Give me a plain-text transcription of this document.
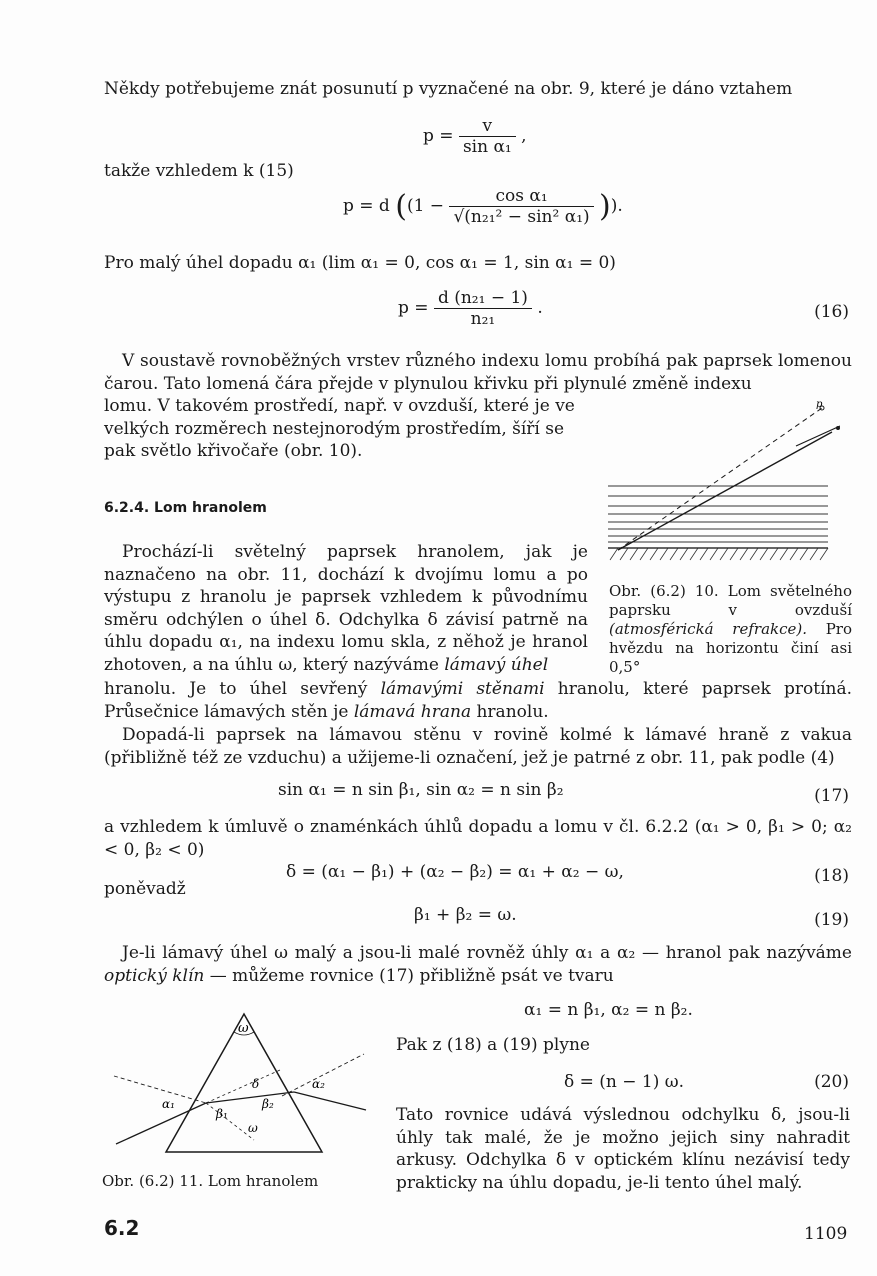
Někdy potřebujeme znát posunutí p vyznačené na obr. 9, které je dáno vztahem
$p = \frac{v}{\text{sin α₁}}$ ,
takže vzhledem k (15)
p = d (($1 - \frac{\text{cos α₁}}{\text{√(n₂₁² − sin² α₁)}}$ )).
Pro malý úhel dopadu α₁ (lim α₁ = 0, cos α₁ = 1, sin α₁ = 0)
$p = \frac{\text{d (n₂₁ − 1)}}{\text{n₂₁}}$ .	(16)
V soustavě rovnoběžných vrstev různého indexu lomu probíhá pak paprsek lomenou čarou. Tato lomená čára přejde v plynulou křivku při plynulé změně indexu
lomu. V takovém prostředí, např. v ovzduší, které je ve velkých rozměrech nestejnorodým prostředím, šíří se pak světlo křivočaře (obr. 10).
p
Obr. (6.2) 10. Lom světelného paprsku v ovzduší (atmosférická refrakce). Pro hvězdu na horizontu činí asi 0,5°
6.2.4. Lom hranolem
Prochází-li světelný paprsek hranolem, jak je naznačeno na obr. 11, dochází k dvojímu lomu a po výstupu z hranolu je paprsek vzhledem k původnímu směru odchýlen o úhel δ. Odchylka δ závisí patrně na úhlu dopadu α₁, na indexu lomu skla, z něhož je hranol zhotoven, a na úhlu ω, který nazýváme lámavý úhel
hranolu. Je to úhel sevřený lámavými stěnami hranolu, které paprsek protíná. Průsečnice lámavých stěn je lámavá hrana hranolu.
Dopadá-li paprsek na lámavou stěnu v rovině kolmé k lámavé hraně z vakua (přibližně též ze vzduchu) a užijeme-li označení, jež je patrné z obr. 11, pak podle (4)
sin α₁ = n sin β₁, sin α₂ = n sin β₂	(17)
a vzhledem k úmluvě o znaménkách úhlů dopadu a lomu v čl. 6.2.2 (α₁ > 0, β₁ > 0; α₂ < 0, β₂ < 0)
δ = (α₁ − β₁) + (α₂ − β₂) = α₁ + α₂ − ω,	(18)
poněvadž
β₁ + β₂ = ω.	(19)
Je-li lámavý úhel ω malý a jsou-li malé rovněž úhly α₁ a α₂ — hranol pak nazýváme optický klín — můžeme rovnice (17) přibližně psát ve tvaru
α₁ = n β₁, α₂ = n β₂.
Pak z (18) a (19) plyne
δ = (n − 1) ω.	(20)
Tato rovnice udává výslednou odchylku δ, jsou-li úhly tak malé, že je možno jejich siny nahradit arkusy. Odchylka δ v optickém klínu nezávisí tedy prakticky na úhlu dopadu, je-li tento úhel malý.
ω
α₁
α₂
δ
β₁
β₂
ω
Obr. (6.2) 11. Lom hranolem
6.2	1109
